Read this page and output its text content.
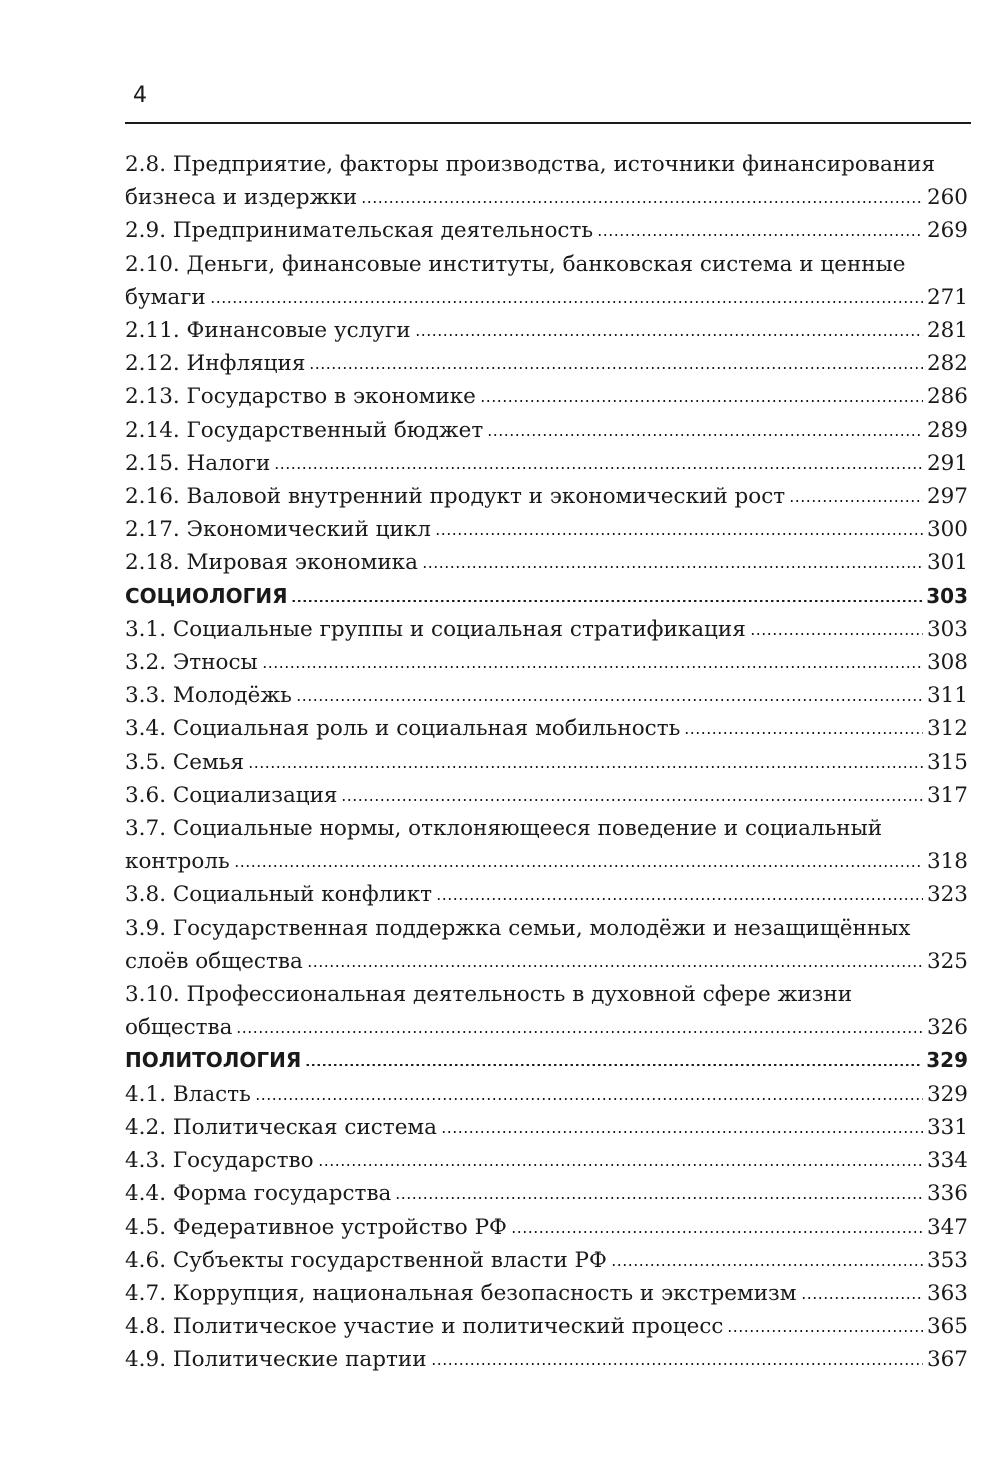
4
2.8. Предприятие, факторы производства, источники финансирования
бизнеса и издержки	260
2.9. Предпринимательская деятельность	269
2.10. Деньги, финансовые институты, банковская система и ценные
бумаги	271
2.11. Финансовые услуги	281
2.12. Инфляция	282
2.13. Государство в экономике	286
2.14. Государственный бюджет	289
2.15. Налоги	291
2.16. Валовой внутренний продукт и экономический рост	297
2.17. Экономический цикл	300
2.18. Мировая экономика	301
СОЦИОЛОГИЯ	303
3.1. Социальные группы и социальная стратификация	303
3.2. Этносы	308
3.3. Молодёжь	311
3.4. Социальная роль и социальная мобильность	312
3.5. Семья	315
3.6. Социализация	317
3.7. Социальные нормы, отклоняющееся поведение и социальный
контроль	318
3.8. Социальный конфликт	323
3.9. Государственная поддержка семьи, молодёжи и незащищённых
слоёв общества	325
3.10. Профессиональная деятельность в духовной сфере жизни
общества	326
ПОЛИТОЛОГИЯ	329
4.1. Власть	329
4.2. Политическая система	331
4.3. Государство	334
4.4. Форма государства	336
4.5. Федеративное устройство РФ	347
4.6. Субъекты государственной власти РФ	353
4.7. Коррупция, национальная безопасность и экстремизм	363
4.8. Политическое участие и политический процесс	365
4.9. Политические партии	367
